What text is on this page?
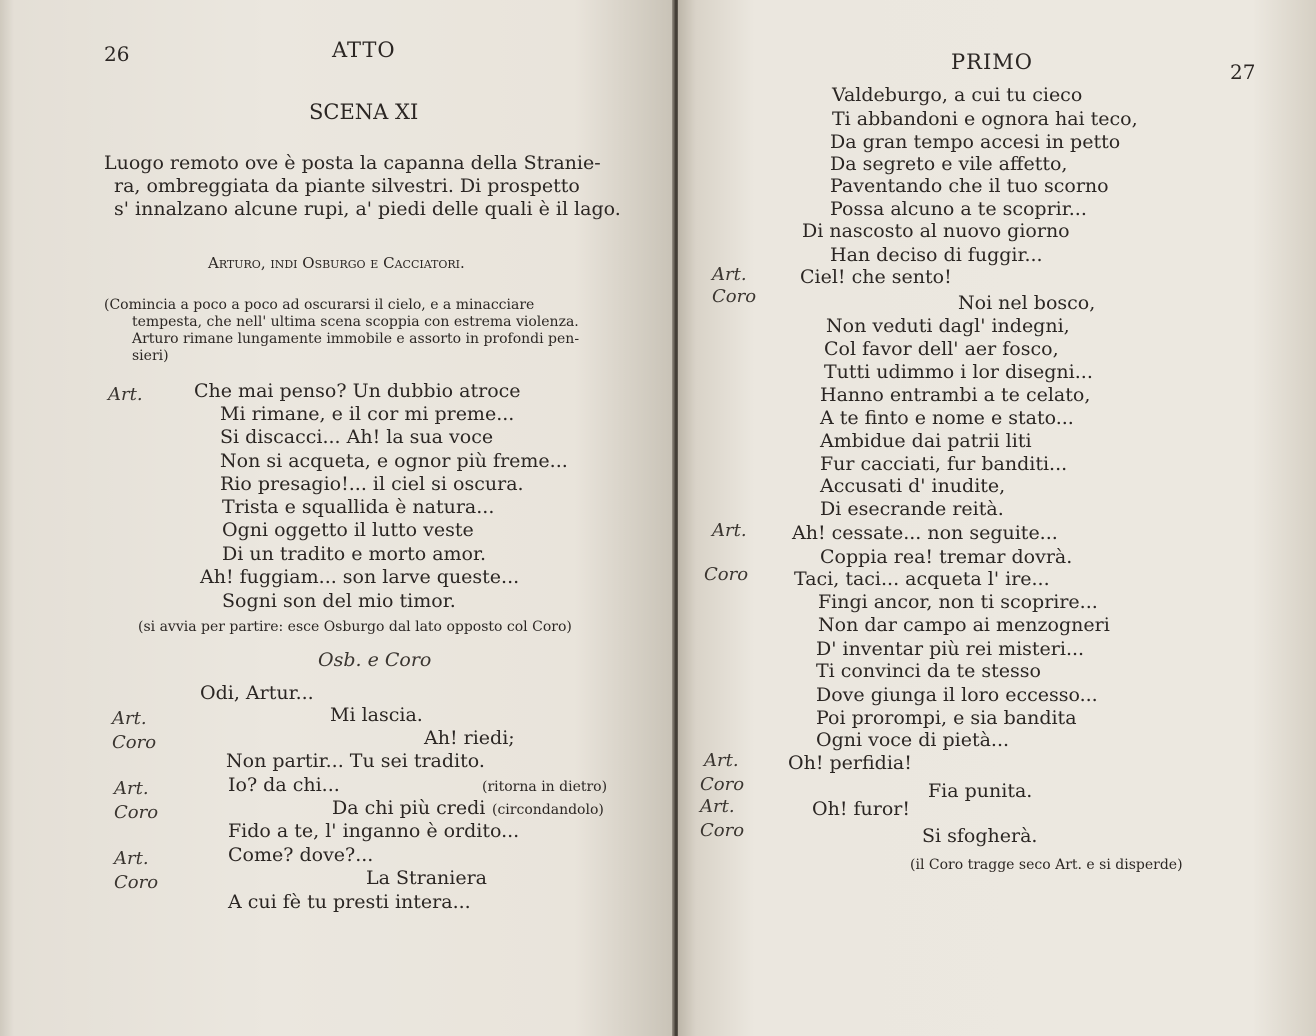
26	ATTO
SCENA XI
Luogo remoto ove è posta la capanna della Stranie-
ra, ombreggiata da piante silvestri. Di prospetto
s' innalzano alcune rupi, a' piedi delle quali è il lago.
Arturo, indi Osburgo e Cacciatori.
(Comincia a poco a poco ad oscurarsi il cielo, e a minacciare
tempesta, che nell' ultima scena scoppia con estrema violenza.
Arturo rimane lungamente immobile e assorto in profondi pen-
sieri)
Art.	Che mai penso? Un dubbio atroce
Mi rimane, e il cor mi preme...
Si discacci... Ah! la sua voce
Non si acqueta, e ognor più freme...
Rio presagio!... il ciel si oscura.
Trista e squallida è natura...
Ogni oggetto il lutto veste
Di un tradito e morto amor.
Ah! fuggiam... son larve queste...
Sogni son del mio timor.
(si avvia per partire: esce Osburgo dal lato opposto col Coro)
Osb. e Coro
Odi, Artur...
Art.	Mi lascia.
Coro	Ah! riedi;
Non partir... Tu sei tradito.
Art.	Io? da chi...	(ritorna in dietro)
Coro	Da chi più credi (circondandolo)
Fido a te, l' inganno è ordito...
Art.	Come? dove?...
Coro	La Straniera
A cui fè tu presti intera...
PRIMO	27
Valdeburgo, a cui tu cieco
Ti abbandoni e ognora hai teco,
Da gran tempo accesi in petto
Da segreto e vile affetto,
Paventando che il tuo scorno
Possa alcuno a te scoprir...
Di nascosto al nuovo giorno
Han deciso di fuggir...
Art.	Ciel! che sento!
Coro	Noi nel bosco,
Non veduti dagl' indegni,
Col favor dell' aer fosco,
Tutti udimmo i lor disegni...
Hanno entrambi a te celato,
A te finto e nome e stato...
Ambidue dai patrii liti
Fur cacciati, fur banditi...
Accusati d' inudite,
Di esecrande reità.
Art. Ah! cessate... non seguite...
Coppia rea! tremar dovrà.
Coro Taci, taci... acqueta l' ire...
Fingi ancor, non ti scoprire...
Non dar campo ai menzogneri
D' inventar più rei misteri...
Ti convinci da te stesso
Dove giunga il loro eccesso...
Poi prorompi, e sia bandita
Ogni voce di pietà...
Art.	Oh! perfidia!
Coro	Fia punita.
Art.	Oh! furor!
Coro	Si sfogherà.
(il Coro tragge seco Art. e si disperde)
